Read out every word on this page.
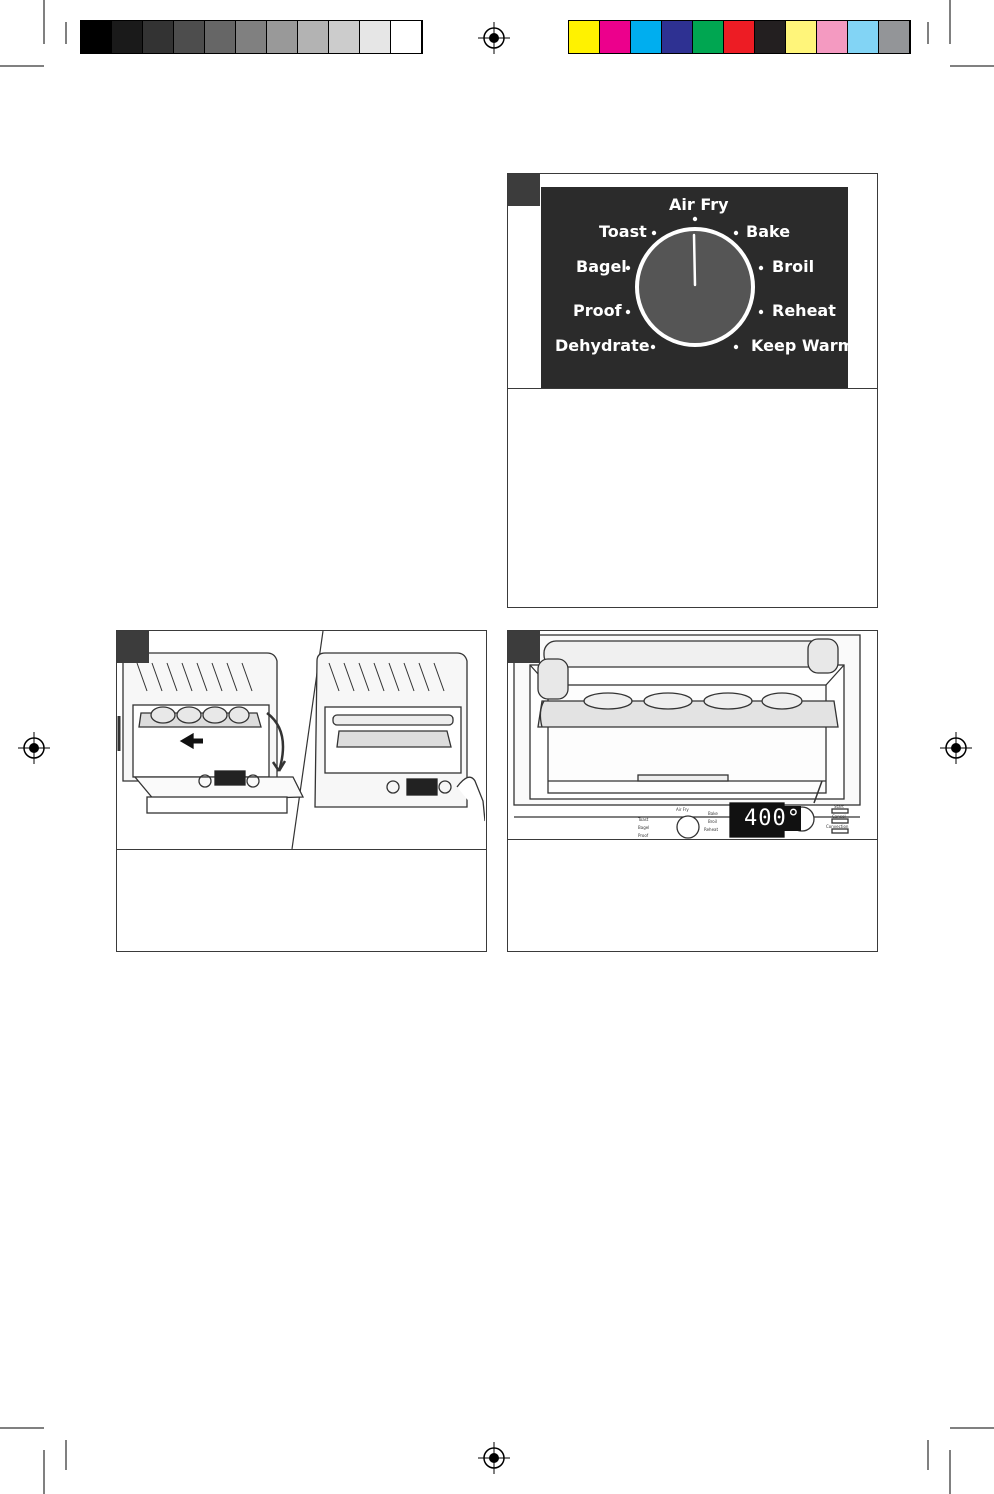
Air Fry
Toast	Bake
Bagel	Broil
Proof	Reheat
Dehydrate	Keep Warm
Toast
Bagel
Proof
Air Fry
Bake
Broil
Reheat
Start
Cancel
Convection
400°
